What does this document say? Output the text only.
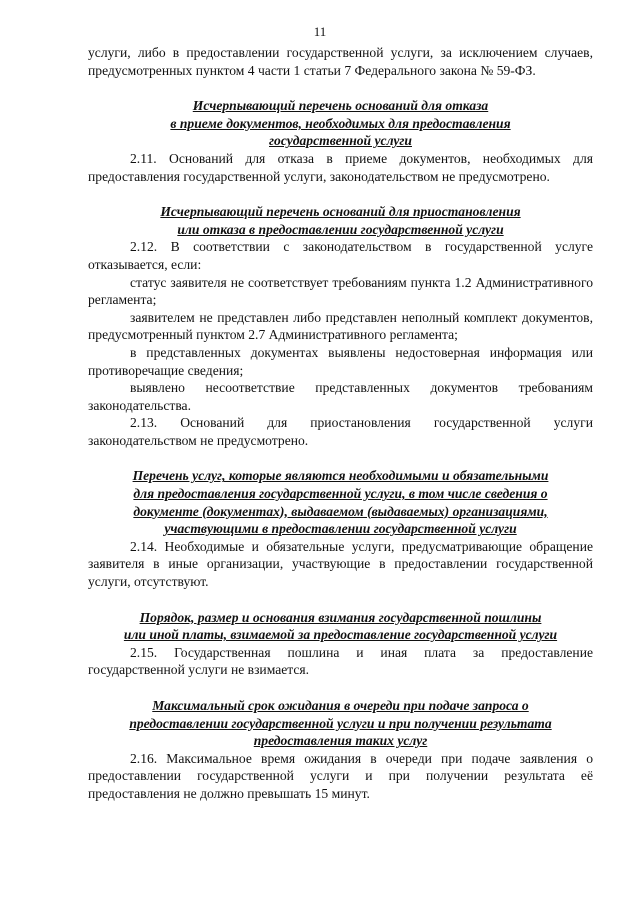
11

услуги, либо в предоставлении государственной услуги, за исключением случаев, предусмотренных пунктом 4 части 1 статьи 7 Федерального закона № 59-ФЗ.

Исчерпывающий перечень оснований для отказа
в приеме документов, необходимых для предоставления
государственной услуги

2.11. Оснований для отказа в приеме документов, необходимых для предоставления государственной услуги, законодательством не предусмотрено.

Исчерпывающий перечень оснований для приостановления
или отказа в предоставлении государственной услуги

2.12. В соответствии с законодательством в государственной услуге отказывается, если:

статус заявителя не соответствует требованиям пункта 1.2 Административного регламента;

заявителем не представлен либо представлен неполный комплект документов, предусмотренный пунктом 2.7 Административного регламента;

в представленных документах выявлены недостоверная информация или противоречащие сведения;

выявлено несоответствие представленных документов требованиям законодательства.

2.13. Оснований для приостановления государственной услуги законодательством не предусмотрено.

Перечень услуг, которые являются необходимыми и обязательными
для предоставления государственной услуги, в том числе сведения о
документе (документах), выдаваемом (выдаваемых) организациями,
участвующими в предоставлении государственной услуги

2.14. Необходимые и обязательные услуги, предусматривающие обращение заявителя в иные организации, участвующие в предоставлении государственной услуги, отсутствуют.

Порядок, размер и основания взимания государственной пошлины
или иной платы, взимаемой за предоставление государственной услуги

2.15. Государственная пошлина и иная плата за предоставление государственной услуги не взимается.

Максимальный срок ожидания в очереди при подаче запроса о
предоставлении государственной услуги и при получении результата
предоставления таких услуг

2.16. Максимальное время ожидания в очереди при подаче заявления о предоставлении государственной услуги и при получении результата её предоставления не должно превышать 15 минут.
